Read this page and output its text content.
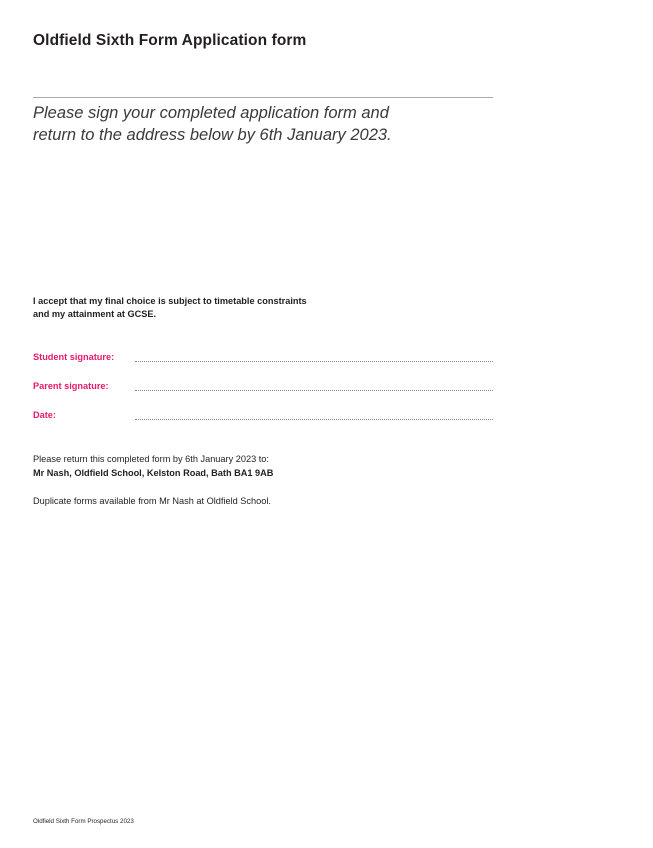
Oldfield Sixth Form Application form

Please sign your completed application form and
return to the address below by 6th January 2023.

I accept that my final choice is subject to timetable constraints
and my attainment at GCSE.

Student signature:
Parent signature:
Date:

Please return this completed form by 6th January 2023 to:
Mr Nash, Oldfield School, Kelston Road, Bath BA1 9AB

Duplicate forms available from Mr Nash at Oldfield School.

Oldfield Sixth Form Prospectus 2023
